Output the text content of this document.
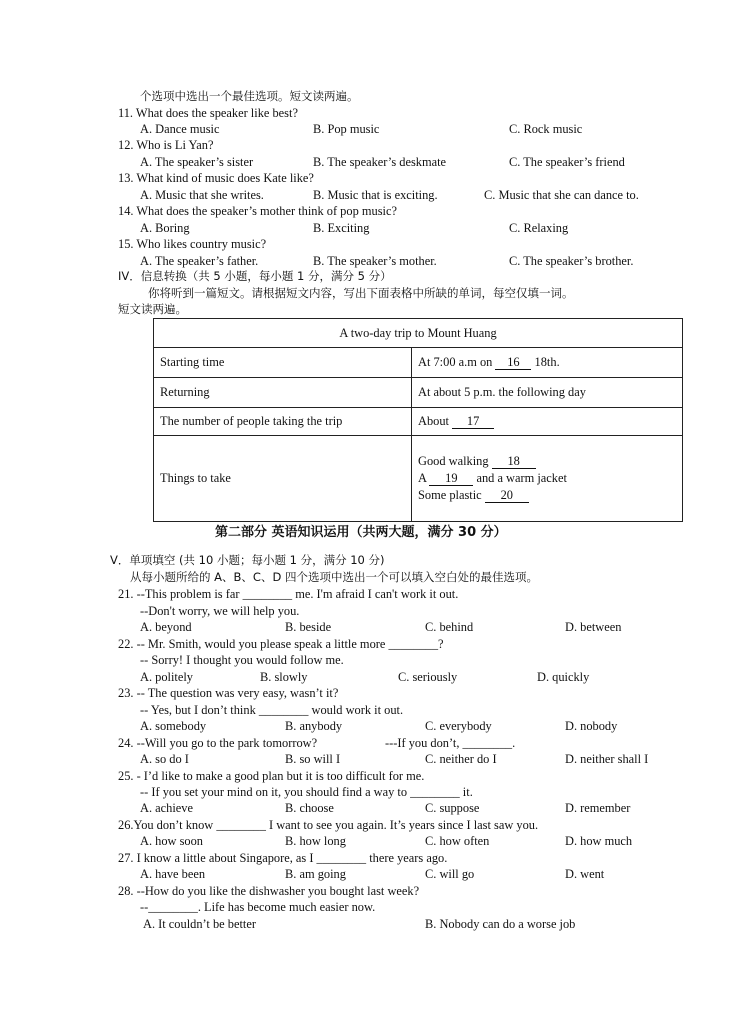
个选项中选出一个最佳选项。短文读两遍。
11. What does the speaker like best?
A. Dance music	B. Pop music	C. Rock music
12. Who is Li Yan?
A. The speaker’s sister	B. The speaker’s deskmate	C. The speaker’s friend
13. What kind of music does Kate like?
A. Music that she writes.	B. Music that is exciting.	C. Music that she can dance to.
14. What does the speaker’s mother think of pop music?
A. Boring	B. Exciting	C. Relaxing
15. Who likes country music?
A. The speaker’s father.	B. The speaker’s mother.	C. The speaker’s brother.
IV．信息转换（共 5 小题，每小题 1 分，满分 5 分）
你将听到一篇短文。请根据短文内容，写出下面表格中所缺的单词，每空仅填一词。
短文读两遍。
A two-day trip to Mount Huang	
Starting time	At 7:00 a.m on 16 18th.
Returning	At about 5 p.m. the following day
The number of people taking the trip	About 17
Things to take	Good walking 18
A 19 and a warm jacket
Some plastic 20
第二部分 英语知识运用（共两大题，满分 30 分）
V．单项填空 (共 10 小题；每小题 1 分，满分 10 分)
从每小题所给的 A、B、C、D 四个选项中选出一个可以填入空白处的最佳选项。
21. --This problem is far ________ me. I'm afraid I can't work it out.
--Don't worry, we will help you.
A. beyond	B. beside	C. behind	D. between
22. -- Mr. Smith, would you please speak a little more ________?
-- Sorry! I thought you would follow me.
A. politely	B. slowly	C. seriously	D. quickly
23. -- The question was very easy, wasn’t it?
-- Yes, but I don’t think ________ would work it out.
A. somebody	B. anybody	C. everybody	D. nobody
24. --Will you go to the park tomorrow?	---If you don’t, ________.
A. so do I	B. so will I	C. neither do I	D. neither shall I
25. - I’d like to make a good plan but it is too difficult for me.
-- If you set your mind on it, you should find a way to ________ it.
A. achieve	B. choose	C. suppose	D. remember
26.You don’t know ________ I want to see you again. It’s years since I last saw you.
A. how soon	B. how long	C. how often	D. how much
27. I know a little about Singapore, as I ________ there years ago.
A. have been	B. am going	C. will go	D. went
28. --How do you like the dishwasher you bought last week?
--________. Life has become much easier now.
A. It couldn’t be better	B. Nobody can do a worse job
